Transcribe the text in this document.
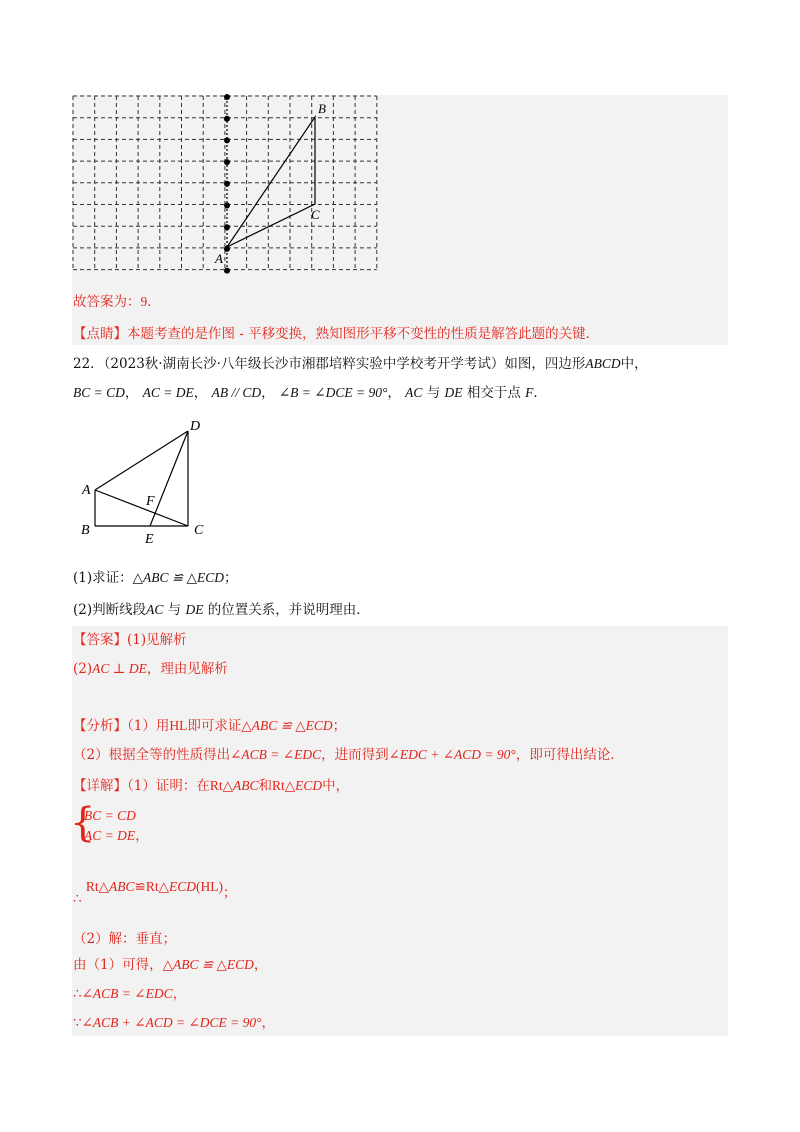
B
C
A
故答案为：9．
【点睛】本题考查的是作图 - 平移变换，熟知图形平移不变性的性质是解答此题的关键．
22．（2023秋·湖南长沙·八年级长沙市湘郡培粹实验中学校考开学考试）如图，四边形ABCD中，
BC = CD， AC = DE， AB // CD， ∠B = ∠DCE = 90°， AC 与 DE 相交于点 F．
D
A
F
B	C
E
(1)求证：△ABC ≌ △ECD；
(2)判断线段AC 与 DE 的位置关系，并说明理由．
【答案】(1)见解析
(2)AC ⊥ DE，理由见解析
【分析】（1）用HL即可求证△ABC ≌ △ECD；
（2）根据全等的性质得出∠ACB = ∠EDC，进而得到∠EDC + ∠ACD = 90°，即可得出结论．
【详解】（1）证明：在Rt△ABC和Rt△ECD中，
{
BC = CD
AC = DE，
∴ Rt△ABC≌Rt△ECD(HL)；
（2）解：垂直；
由（1）可得，△ABC ≌ △ECD，
∴∠ACB = ∠EDC，
∵∠ACB + ∠ACD = ∠DCE = 90°，
